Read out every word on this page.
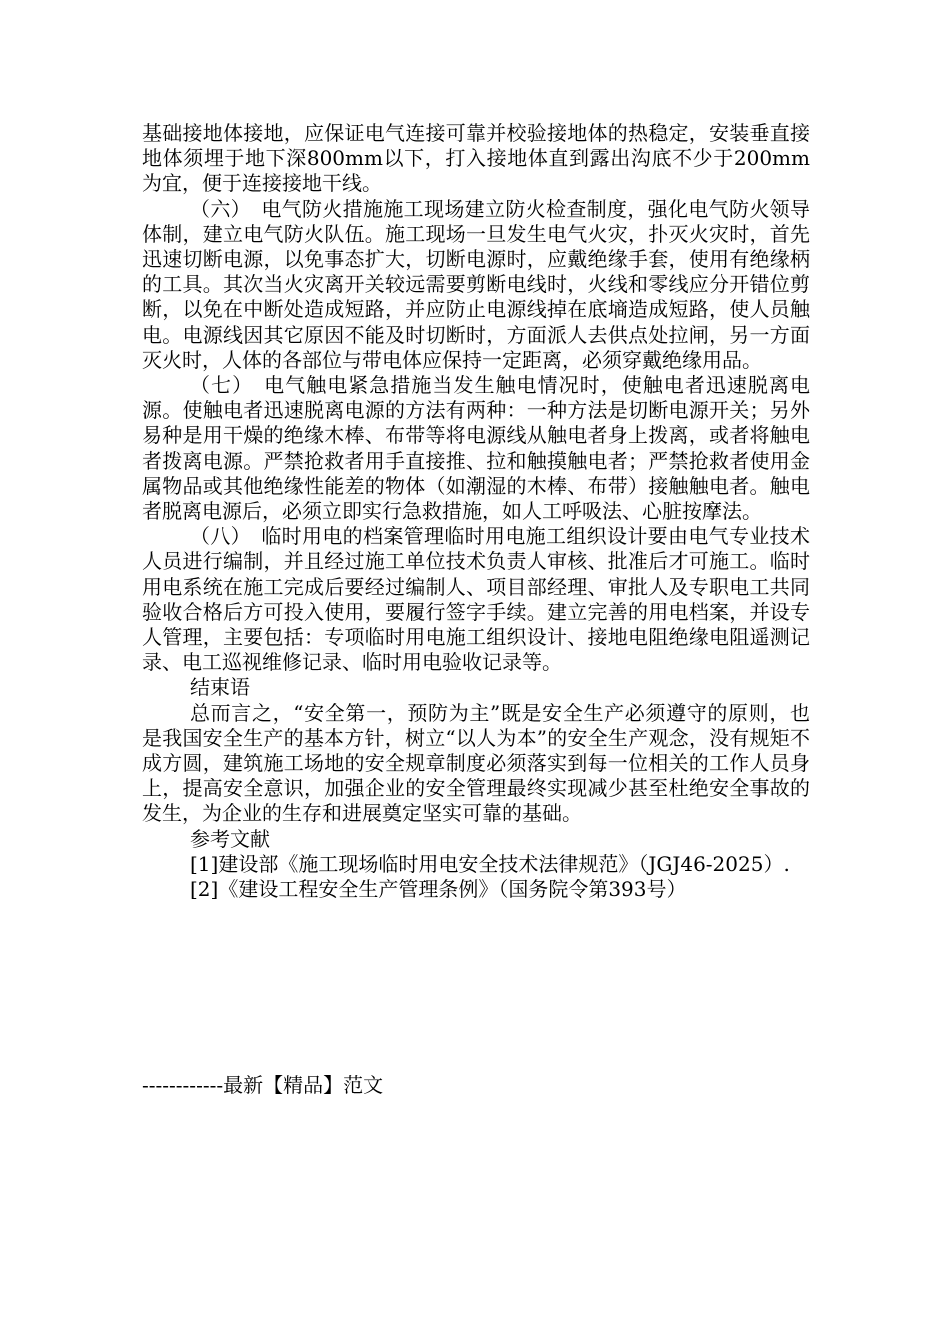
基础接地体接地，应保证电气连接可靠并校验接地体的热稳定，安装垂直接地体须埋于地下深800mm以下，打入接地体直到露出沟底不少于200mm为宜，便于连接接地干线。

（六）　电气防火措施施工现场建立防火检查制度，强化电气防火领导体制，建立电气防火队伍。施工现场一旦发生电气火灾，扑灭火灾时，首先迅速切断电源，以免事态扩大，切断电源时，应戴绝缘手套，使用有绝缘柄的工具。其次当火灾离开关较远需要剪断电线时，火线和零线应分开错位剪断，以免在中断处造成短路，并应防止电源线掉在底墒造成短路，使人员触电。电源线因其它原因不能及时切断时，方面派人去供点处拉闸，另一方面灭火时，人体的各部位与带电体应保持一定距离，必须穿戴绝缘用品。

（七）　电气触电紧急措施当发生触电情况时，使触电者迅速脱离电源。使触电者迅速脱离电源的方法有两种：一种方法是切断电源开关；另外易种是用干燥的绝缘木棒、布带等将电源线从触电者身上拨离，或者将触电者拨离电源。严禁抢救者用手直接推、拉和触摸触电者；严禁抢救者使用金属物品或其他绝缘性能差的物体（如潮湿的木棒、布带）接触触电者。触电者脱离电源后，必须立即实行急救措施，如人工呼吸法、心脏按摩法。

（八）　临时用电的档案管理临时用电施工组织设计要由电气专业技术人员进行编制，并且经过施工单位技术负责人审核、批准后才可施工。临时用电系统在施工完成后要经过编制人、项目部经理、审批人及专职电工共同验收合格后方可投入使用，要履行签字手续。建立完善的用电档案，并设专人管理，主要包括：专项临时用电施工组织设计、接地电阻绝缘电阻遥测记录、电工巡视维修记录、临时用电验收记录等。

结束语

总而言之，“安全第一，预防为主”既是安全生产必须遵守的原则，也是我国安全生产的基本方针，树立“以人为本”的安全生产观念，没有规矩不成方圆，建筑施工场地的安全规章制度必须落实到每一位相关的工作人员身上，提高安全意识，加强企业的安全管理最终实现减少甚至杜绝安全事故的发生，为企业的生存和进展奠定坚实可靠的基础。

参考文献

[1]建设部《施工现场临时用电安全技术法律规范》（JGJ46-2025）.

[2]《建设工程安全生产管理条例》（国务院令第393号）

------------最新【精品】范文
